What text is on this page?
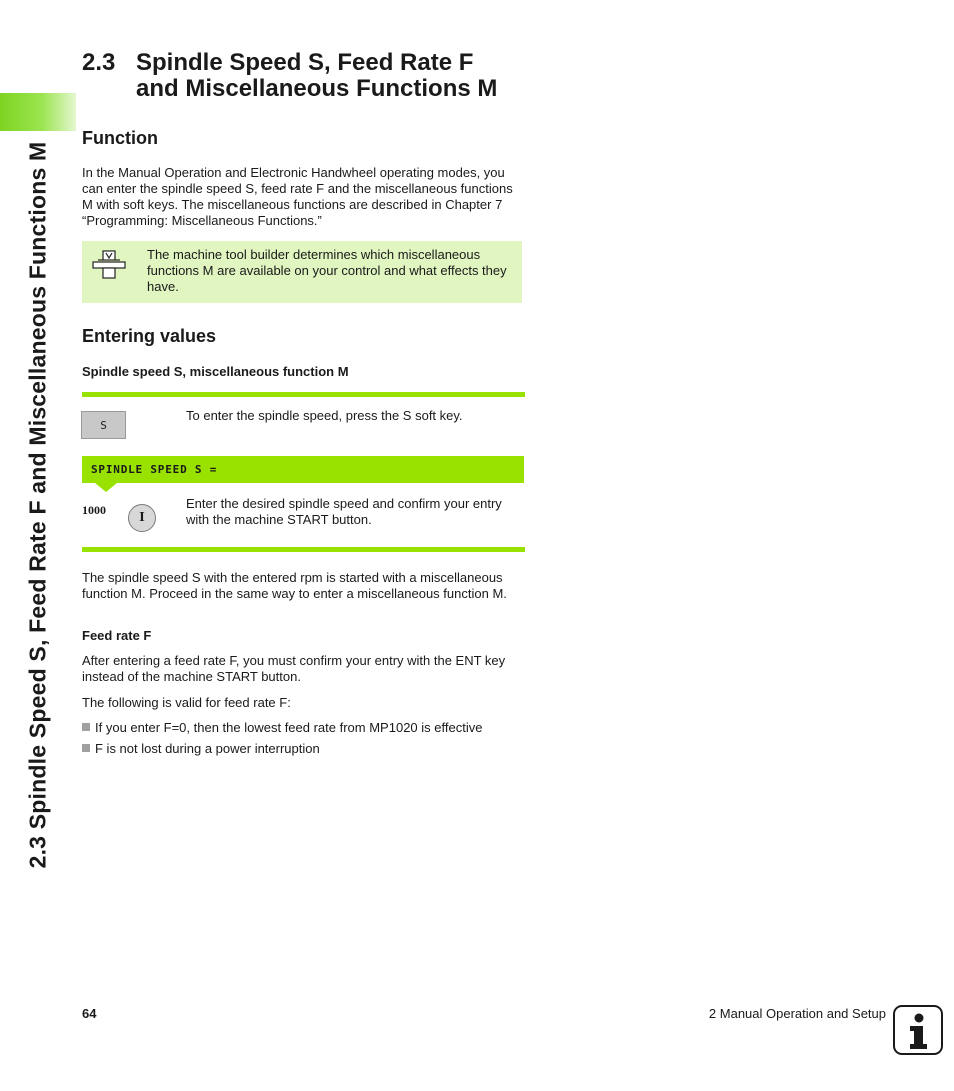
2.3 Spindle Speed S, Feed Rate F and Miscellaneous Functions M
2.3 Spindle Speed S, Feed Rate F
and Miscellaneous Functions M
Function

In the Manual Operation and Electronic Handwheel operating modes, you can enter the spindle speed S, feed rate F and the miscellaneous functions M with soft keys. The miscellaneous functions are described in Chapter 7 “Programming: Miscellaneous Functions.”

The machine tool builder determines which miscellaneous functions M are available on your control and what effects they have.
Entering values
Spindle speed S, miscellaneous function M
S
To enter the spindle speed, press the S soft key.
SPINDLE SPEED S =
1000	I
Enter the desired spindle speed and confirm your entry with the machine START button.

The spindle speed S with the entered rpm is started with a miscellaneous function M. Proceed in the same way to enter a miscellaneous function M.

Feed rate F

After entering a feed rate F, you must confirm your entry with the ENT key instead of the machine START button.

The following is valid for feed rate F:

If you enter F=0, then the lowest feed rate from MP1020 is effective
F is not lost during a power interruption
64	2 Manual Operation and Setup
